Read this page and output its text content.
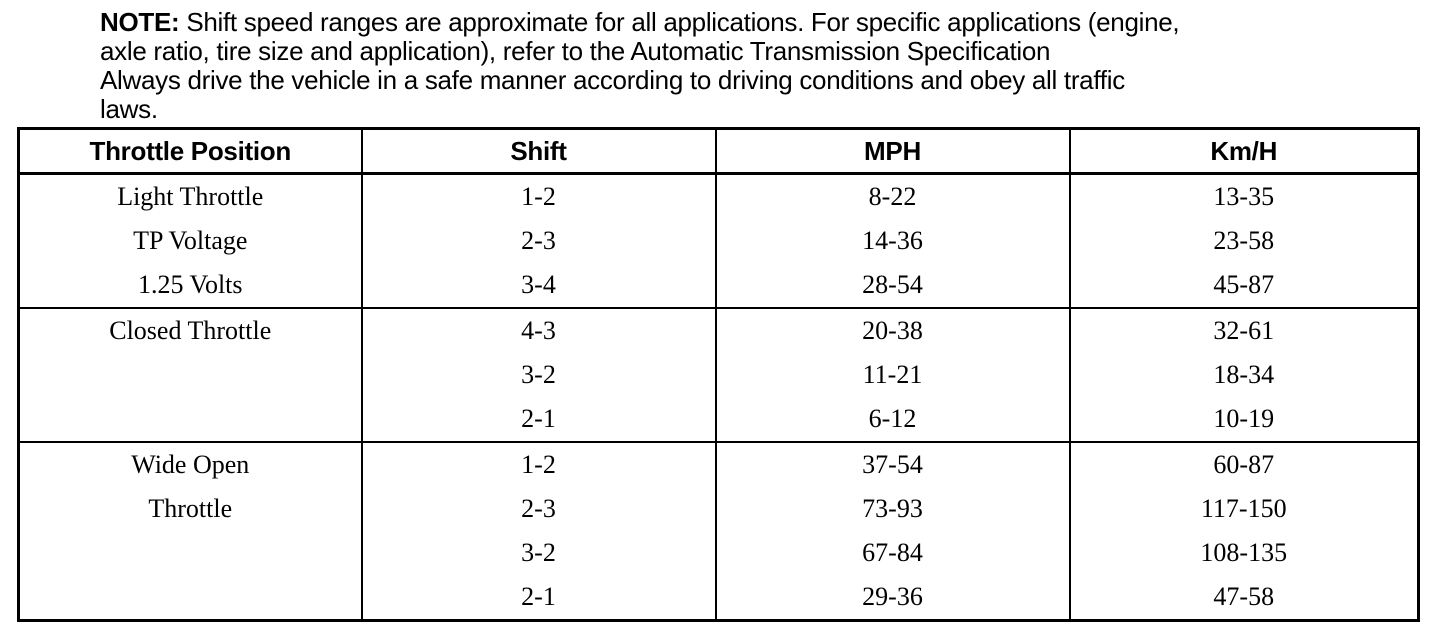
NOTE: Shift speed ranges are approximate for all applications. For specific applications (engine,
axle ratio, tire size and application), refer to the Automatic Transmission Specification
Always drive the vehicle in a safe manner according to driving conditions and obey all traffic
laws.
Throttle Position	Shift	MPH	Km/H
Light Throttle	1-2	8-22	13-35
TP Voltage	2-3	14-36	23-58
1.25 Volts	3-4	28-54	45-87
Closed Throttle	4-3	20-38	32-61
	3-2	11-21	18-34
	2-1	6-12	10-19
Wide Open	1-2	37-54	60-87
Throttle	2-3	73-93	117-150
	3-2	67-84	108-135
	2-1	29-36	47-58
